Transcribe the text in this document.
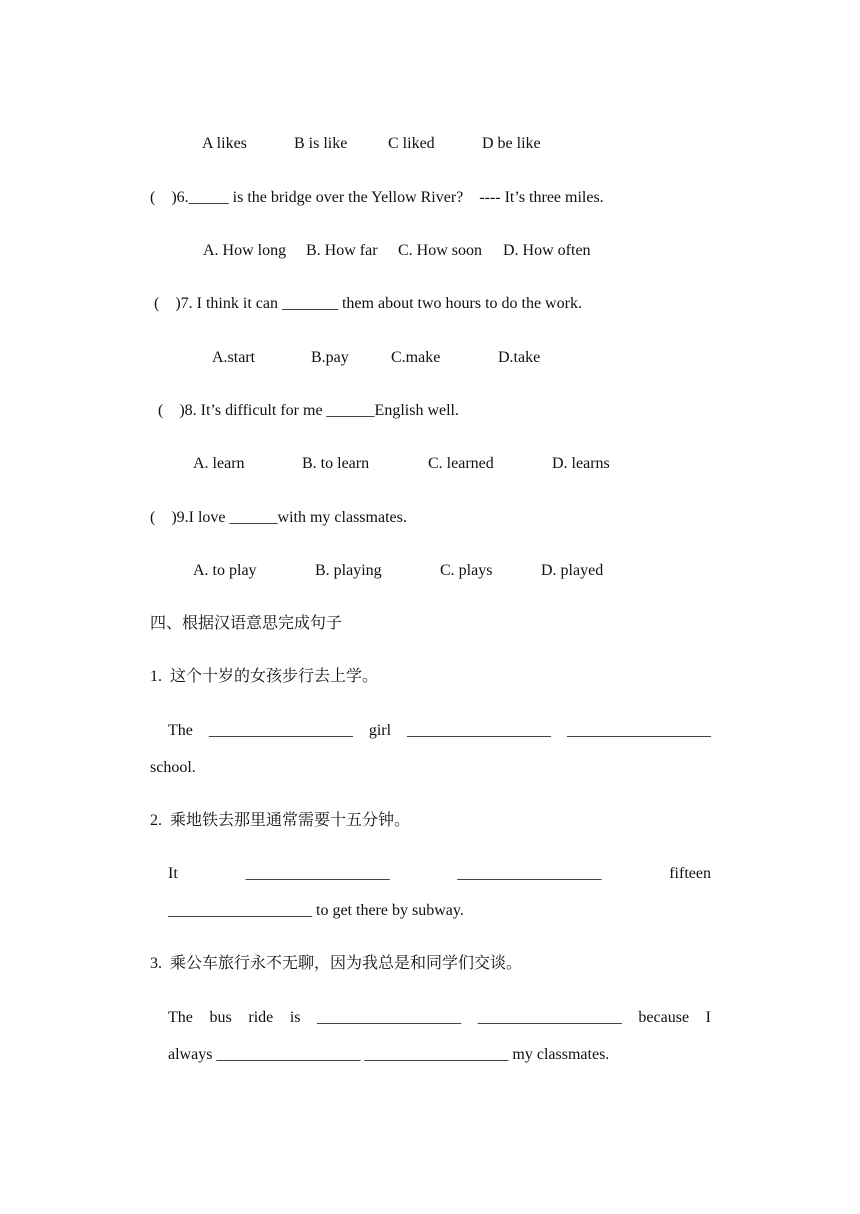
A likes	B is like	C liked	D be like
(    )6._____ is the bridge over the Yellow River?    ---- It’s three miles.
A. How long B. How far C. How soon D. How often
(    )7. I think it can _______ them about two hours to do the work.
A.start	B.pay	C.make	D.take
(    )8. It’s difficult for me ______English well.
A. learn	B. to learn	C. learned	D. learns
(    )9.I love ______with my classmates.
A. to play	B. playing	C. plays	D. played
四、根据汉语意思完成句子
1.  这个十岁的女孩步行去上学。
The __________________ girl __________________ __________________
school.
2.  乘地铁去那里通常需要十五分钟。
It	__________________	__________________	fifteen
__________________ to get there by subway.
3.  乘公车旅行永不无聊，因为我总是和同学们交谈。
The bus ride is __________________ __________________ because I
always __________________ __________________ my classmates.
